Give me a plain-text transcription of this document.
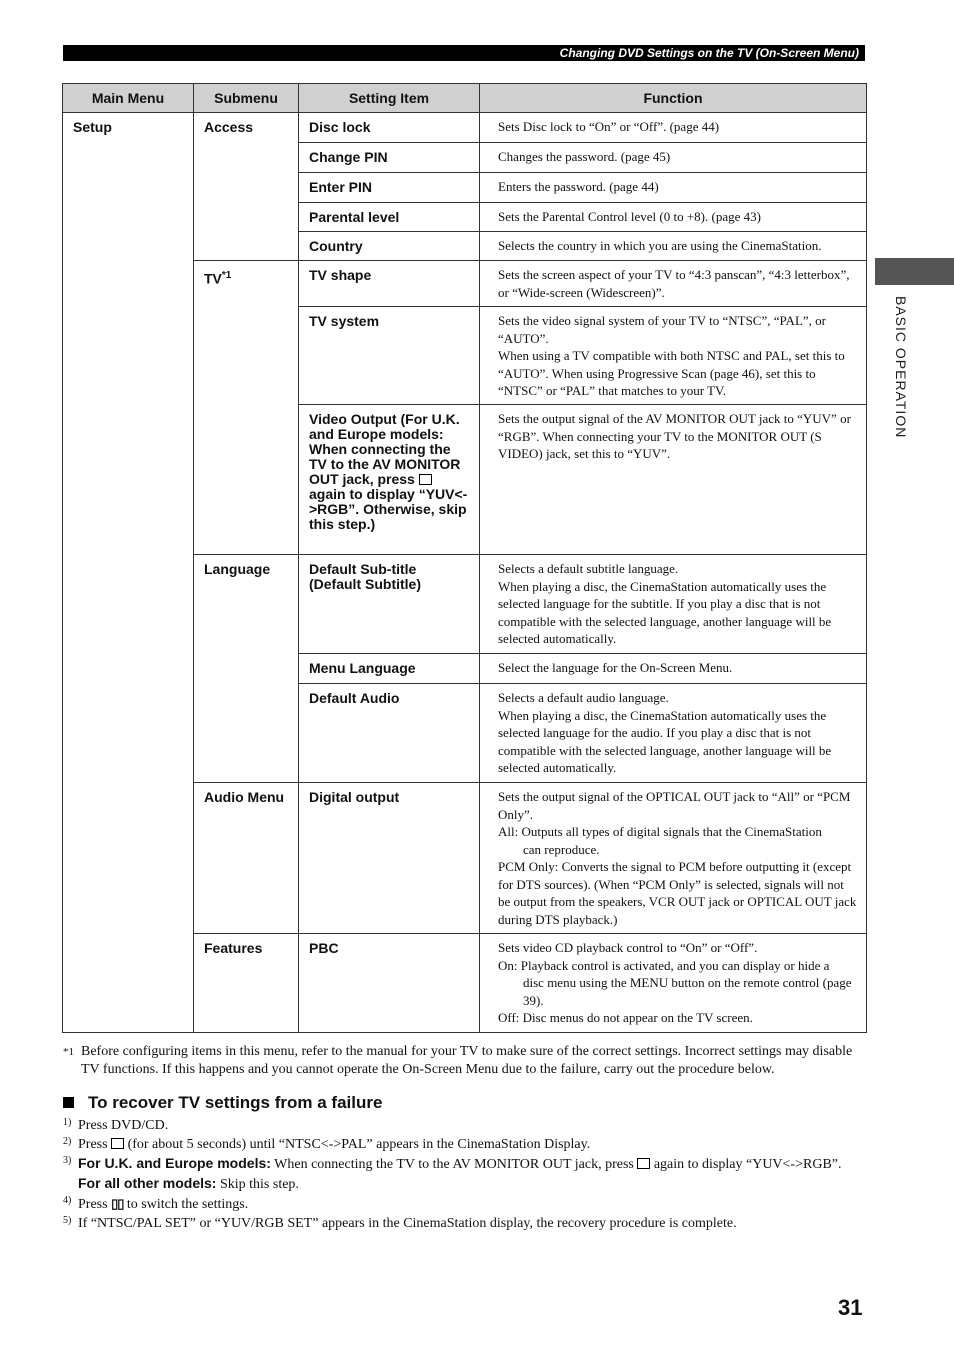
Changing DVD Settings on the TV (On-Screen Menu)
BASIC OPERATION
Main Menu	Submenu	Setting Item	Function
Setup	Access	Disc lock	Sets Disc lock to “On” or “Off”. (page 44)
		Change PIN	Changes the password. (page 45)
		Enter PIN	Enters the password. (page 44)
		Parental level	Sets the Parental Control level (0 to +8). (page 43)
		Country	Selects the country in which you are using the CinemaStation.
	TV$^{*1}$	TV shape	Sets the screen aspect of your TV to “4:3 panscan”, “4:3 letterbox”, or “Wide-screen (Widescreen)”.
		TV system	Sets the video signal system of your TV to “NTSC”, “PAL”, or “AUTO”.
When using a TV compatible with both NTSC and PAL, set this to “AUTO”. When using Progressive Scan (page 46), set this to “NTSC” or “PAL” that matches to your TV.
		Video Output (For U.K. and Europe models: When connecting the TV to the AV MONITOR OUT jack, press  again to display “YUV<->RGB”. Otherwise, skip this step.)	Sets the output signal of the AV MONITOR OUT jack to “YUV” or “RGB”. When connecting your TV to the MONITOR OUT (S VIDEO) jack, set this to “YUV”.
	Language	Default Sub-title (Default Subtitle)	Selects a default subtitle language.
When playing a disc, the CinemaStation automatically uses the selected language for the subtitle. If you play a disc that is not compatible with the selected language, another language will be selected automatically.
		Menu Language	Select the language for the On-Screen Menu.
		Default Audio	Selects a default audio language.
When playing a disc, the CinemaStation automatically uses the selected language for the audio. If you play a disc that is not compatible with the selected language, another language will be selected automatically.
	Audio Menu	Digital output	Sets the output signal of the OPTICAL OUT jack to “All” or “PCM Only”.
All: Outputs all types of digital signals that the CinemaStation
can reproduce.
PCM Only: Converts the signal to PCM before outputting it (except for DTS sources). (When “PCM Only” is selected, signals will not be output from the speakers, VCR OUT jack or OPTICAL OUT jack during DTS playback.)
	Features	PBC	Sets video CD playback control to “On” or “Off”.
On: Playback control is activated, and you can display or hide a
disc menu using the MENU button on the remote control (page 39).
Off: Disc menus do not appear on the TV screen.
*1 Before configuring items in this menu, refer to the manual for your TV to make sure of the correct settings. Incorrect settings may disable TV functions. If this happens and you cannot operate the On-Screen Menu due to the failure, carry out the procedure below.
To recover TV settings from a failure
1) Press DVD/CD.
2) Press (for about 5 seconds) until “NTSC<->PAL” appears in the CinemaStation Display.
3) For U.K. and Europe models: When connecting the TV to the AV MONITOR OUT jack, press again to display “YUV<->RGB”.
For all other models: Skip this step.
4) Press ▯▯ to switch the settings.
5) If “NTSC/PAL SET” or “YUV/RGB SET” appears in the CinemaStation display, the recovery procedure is complete.
31
